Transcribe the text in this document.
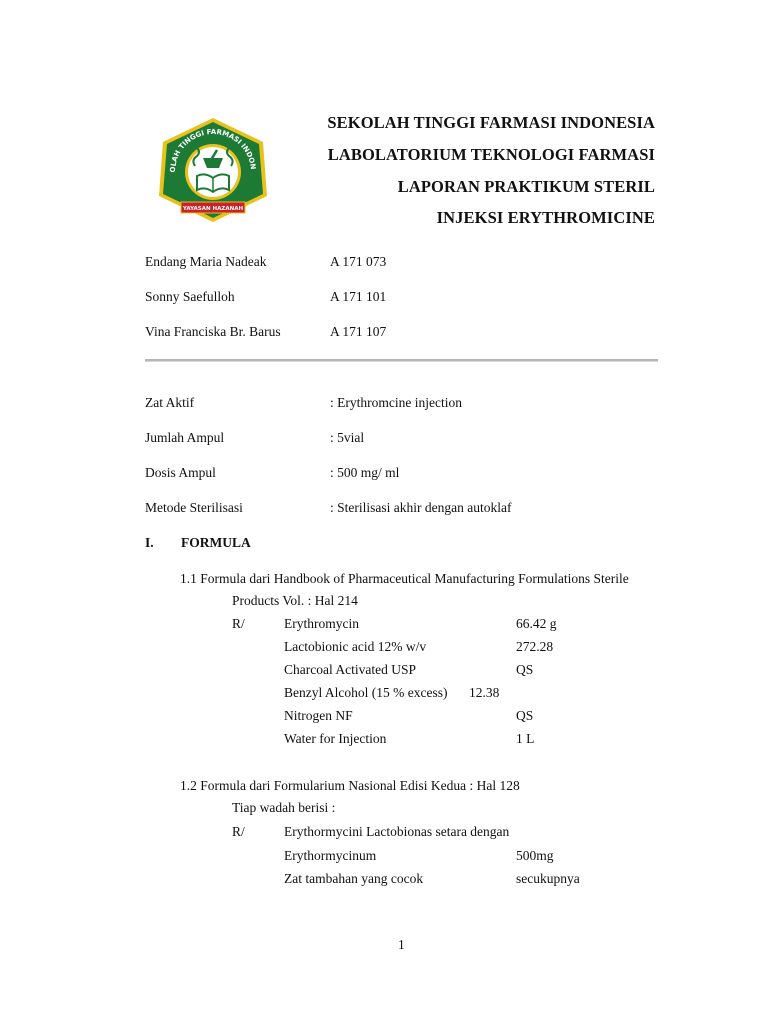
OLAH TINGGI FARMASI INDON
YAYASAN HAZANAH
SEKOLAH TINGGI FARMASI INDONESIA
LABOLATORIUM TEKNOLOGI FARMASI
LAPORAN PRAKTIKUM STERIL
INJEKSI ERYTHROMICINE
Endang Maria Nadeak	A 171 073
Sonny Saefulloh	A 171 101
Vina Franciska Br. Barus	A 171 107
Zat Aktif	: Erythromcine injection
Jumlah Ampul	: 5vial
Dosis Ampul	: 500 mg/ ml
Metode Sterilisasi	: Sterilisasi akhir dengan autoklaf
I. FORMULA
1.1 Formula dari Handbook of Pharmaceutical Manufacturing Formulations Sterile
Products Vol. : Hal 214
R/	Erythromycin	66.42 g
Lactobionic acid 12% w/v	272.28
Charcoal Activated USP	QS
Benzyl Alcohol (15 % excess) 12.38
Nitrogen NF	QS
Water for Injection	1 L
1.2 Formula dari Formularium Nasional Edisi Kedua : Hal 128
Tiap wadah berisi :
R/	Erythormycini Lactobionas setara dengan
Erythormycinum	500mg
Zat tambahan yang cocok	secukupnya
1
